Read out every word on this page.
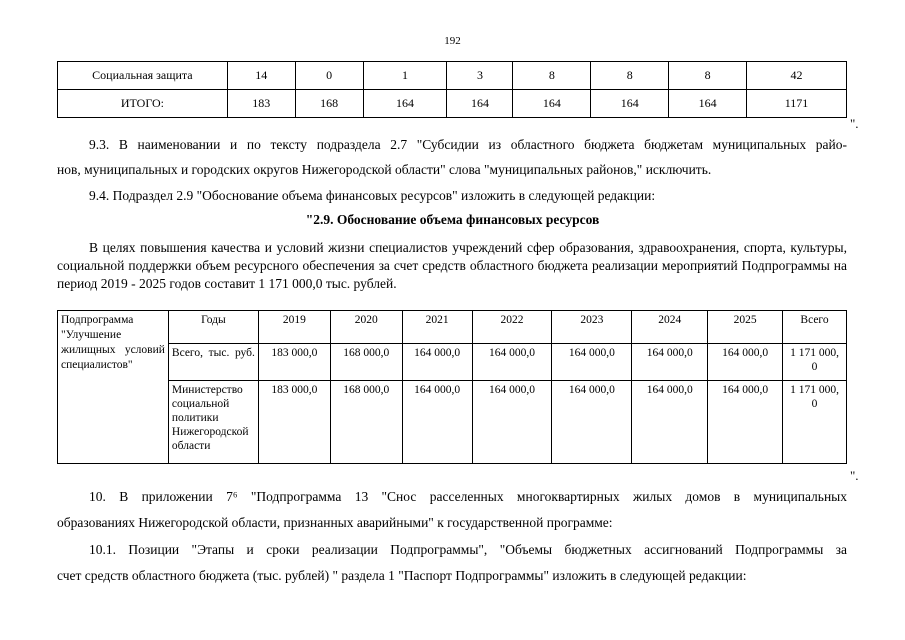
192
Социальная защита	14	0	1	3	8	8	8	42
ИТОГО:	183	168	164	164	164	164	164	1171
".
9.3. В наименовании и по тексту подраздела 2.7 "Субсидии из областного бюджета бюджетам муниципальных райо-
нов, муниципальных и городских округов Нижегородской области" слова "муниципальных районов," исключить.
9.4. Подраздел 2.9 "Обоснование объема финансовых ресурсов" изложить в следующей редакции:
"2.9. Обоснование объема финансовых ресурсов
В целях повышения качества и условий жизни специалистов учреждений сфер образования, здравоохранения, спорта, культуры, социальной поддержки объем ресурсного обеспечения за счет средств областного бюджета реализации мероприятий Подпрограммы на период 2019 - 2025 годов составит 1 171 000,0 тыс. рублей.
Подпрограмма "Улучшение жилищных условий специалистов"	Годы	2019	2020	2021	2022	2023	2024	2025	Всего
	Всего, тыс. руб.	183 000,0	168 000,0	164 000,0	164 000,0	164 000,0	164 000,0	164 000,0	1 171 000, 0
	Министерство социальной политики Нижегородской области	183 000,0	168 000,0	164 000,0	164 000,0	164 000,0	164 000,0	164 000,0	1 171 000, 0
".
10. В приложении 7⁶ "Подпрограмма 13 "Снос расселенных многоквартирных жилых домов в муниципальных
образованиях Нижегородской области, признанных аварийными" к государственной программе:
10.1. Позиции "Этапы и сроки реализации Подпрограммы", "Объемы бюджетных ассигнований Подпрограммы за
счет средств областного бюджета (тыс. рублей) " раздела 1 "Паспорт Подпрограммы" изложить в следующей редакции:
